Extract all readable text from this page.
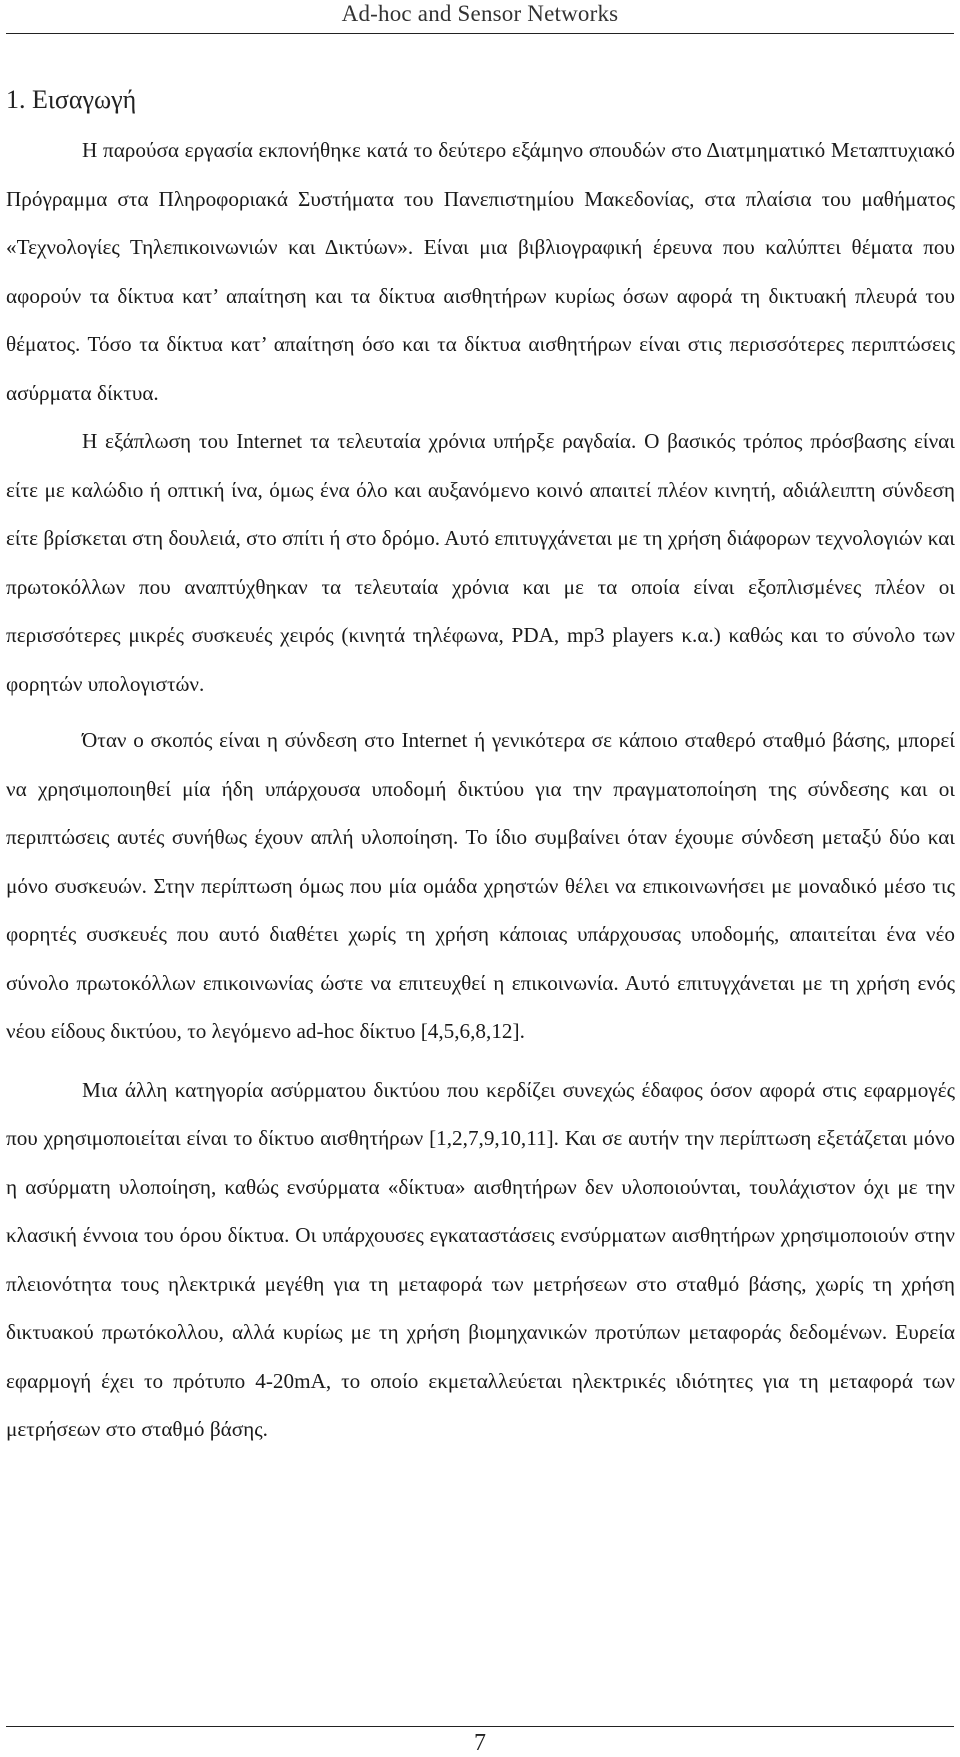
Ad-hoc and Sensor Networks
1. Εισαγωγή

Η παρούσα εργασία εκπονήθηκε κατά το δεύτερο εξάμηνο σπουδών στο Διατμηματικό Μεταπτυχιακό Πρόγραμμα στα Πληροφοριακά Συστήματα του Πανεπιστημίου Μακεδονίας, στα πλαίσια του μαθήματος «Τεχνολογίες Τηλεπικοινωνιών και Δικτύων». Είναι μια βιβλιογραφική έρευνα που καλύπτει θέματα που αφορούν τα δίκτυα κατ’ απαίτηση και τα δίκτυα αισθητήρων κυρίως όσων αφορά τη δικτυακή πλευρά του θέματος. Τόσο τα δίκτυα κατ’ απαίτηση όσο και τα δίκτυα αισθητήρων είναι στις περισσότερες περιπτώσεις ασύρματα δίκτυα.

Η εξάπλωση του Internet τα τελευταία χρόνια υπήρξε ραγδαία. Ο βασικός τρόπος πρόσβασης είναι είτε με καλώδιο ή οπτική ίνα, όμως ένα όλο και αυξανόμενο κοινό απαιτεί πλέον κινητή, αδιάλειπτη σύνδεση είτε βρίσκεται στη δουλειά, στο σπίτι ή στο δρόμο. Αυτό επιτυγχάνεται με τη χρήση διάφορων τεχνολογιών και πρωτοκόλλων που αναπτύχθηκαν τα τελευταία χρόνια και με τα οποία είναι εξοπλισμένες πλέον οι περισσότερες μικρές συσκευές χειρός (κινητά τηλέφωνα, PDA, mp3 players κ.α.) καθώς και το σύνολο των φορητών υπολογιστών.

Όταν ο σκοπός είναι η σύνδεση στο Internet ή γενικότερα σε κάποιο σταθερό σταθμό βάσης, μπορεί να χρησιμοποιηθεί μία ήδη υπάρχουσα υποδομή δικτύου για την πραγματοποίηση της σύνδεσης και οι περιπτώσεις αυτές συνήθως έχουν απλή υλοποίηση. Το ίδιο συμβαίνει όταν έχουμε σύνδεση μεταξύ δύο και μόνο συσκευών. Στην περίπτωση όμως που μία ομάδα χρηστών θέλει να επικοινωνήσει με μοναδικό μέσο τις φορητές συσκευές που αυτό διαθέτει χωρίς τη χρήση κάποιας υπάρχουσας υποδομής, απαιτείται ένα νέο σύνολο πρωτοκόλλων επικοινωνίας ώστε να επιτευχθεί η επικοινωνία. Αυτό επιτυγχάνεται με τη χρήση ενός νέου είδους δικτύου, το λεγόμενο ad-hoc δίκτυο [4,5,6,8,12].

Μια άλλη κατηγορία ασύρματου δικτύου που κερδίζει συνεχώς έδαφος όσον αφορά στις εφαρμογές που χρησιμοποιείται είναι το δίκτυο αισθητήρων [1,2,7,9,10,11]. Και σε αυτήν την περίπτωση εξετάζεται μόνο η ασύρματη υλοποίηση, καθώς ενσύρματα «δίκτυα» αισθητήρων δεν υλοποιούνται, τουλάχιστον όχι με την κλασική έννοια του όρου δίκτυα. Οι υπάρχουσες εγκαταστάσεις ενσύρματων αισθητήρων χρησιμοποιούν στην πλειονότητα τους ηλεκτρικά μεγέθη για τη μεταφορά των μετρήσεων στο σταθμό βάσης, χωρίς τη χρήση δικτυακού πρωτόκολλου, αλλά κυρίως με τη χρήση βιομηχανικών προτύπων μεταφοράς δεδομένων. Ευρεία εφαρμογή έχει το πρότυπο 4-20mA, το οποίο εκμεταλλεύεται ηλεκτρικές ιδιότητες για τη μεταφορά των μετρήσεων στο σταθμό βάσης.

7
